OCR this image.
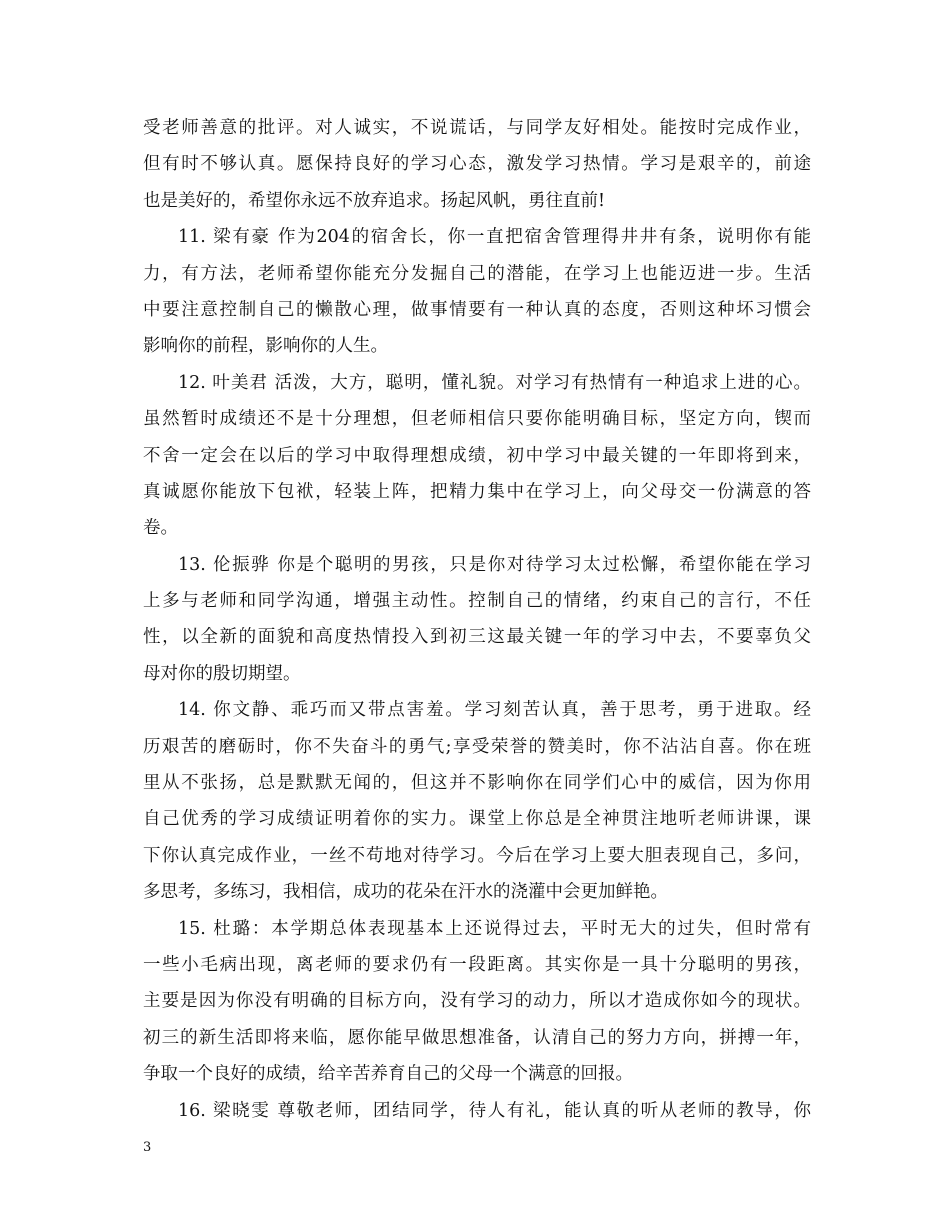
受老师善意的批评。对人诚实，不说谎话，与同学友好相处。能按时完成作业，
但有时不够认真。愿保持良好的学习心态，激发学习热情。学习是艰辛的，前途
也是美好的，希望你永远不放弃追求。扬起风帆，勇往直前!
11. 梁有豪 作为204的宿舍长，你一直把宿舍管理得井井有条，说明你有能
力，有方法，老师希望你能充分发掘自己的潜能，在学习上也能迈进一步。生活
中要注意控制自己的懒散心理，做事情要有一种认真的态度，否则这种坏习惯会
影响你的前程，影响你的人生。
12. 叶美君 活泼，大方，聪明，懂礼貌。对学习有热情有一种追求上进的心。
虽然暂时成绩还不是十分理想，但老师相信只要你能明确目标，坚定方向，锲而
不舍一定会在以后的学习中取得理想成绩，初中学习中最关键的一年即将到来，
真诚愿你能放下包袱，轻装上阵，把精力集中在学习上，向父母交一份满意的答
卷。
13. 伦振骅 你是个聪明的男孩，只是你对待学习太过松懈，希望你能在学习
上多与老师和同学沟通，增强主动性。控制自己的情绪，约束自己的言行，不任
性，以全新的面貌和高度热情投入到初三这最关键一年的学习中去，不要辜负父
母对你的殷切期望。
14. 你文静、乖巧而又带点害羞。学习刻苦认真，善于思考，勇于进取。经
历艰苦的磨砺时，你不失奋斗的勇气;享受荣誉的赞美时，你不沾沾自喜。你在班
里从不张扬，总是默默无闻的，但这并不影响你在同学们心中的威信，因为你用
自己优秀的学习成绩证明着你的实力。课堂上你总是全神贯注地听老师讲课，课
下你认真完成作业，一丝不苟地对待学习。今后在学习上要大胆表现自己，多问，
多思考，多练习，我相信，成功的花朵在汗水的浇灌中会更加鲜艳。
15. 杜璐：本学期总体表现基本上还说得过去，平时无大的过失，但时常有
一些小毛病出现，离老师的要求仍有一段距离。其实你是一具十分聪明的男孩，
主要是因为你没有明确的目标方向，没有学习的动力，所以才造成你如今的现状。
初三的新生活即将来临，愿你能早做思想准备，认清自己的努力方向，拼搏一年，
争取一个良好的成绩，给辛苦养育自己的父母一个满意的回报。
16. 梁晓雯 尊敬老师，团结同学，待人有礼，能认真的听从老师的教导，你
3
